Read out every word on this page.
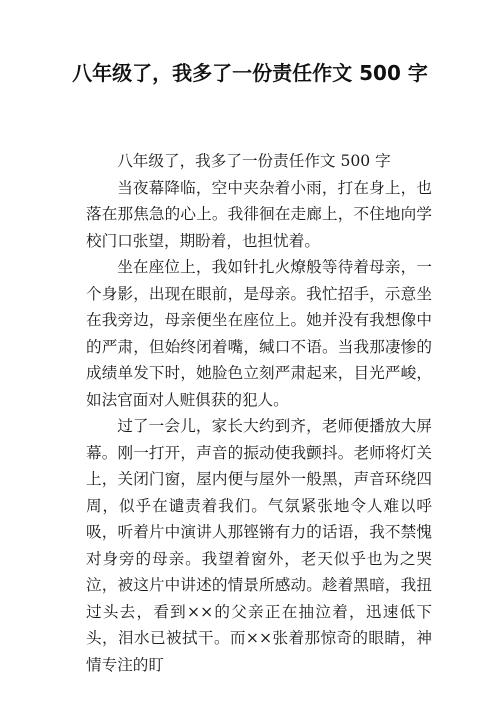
八年级了，我多了一份责任作文 500 字

八年级了，我多了一份责任作文 500 字

当夜幕降临，空中夹杂着小雨，打在身上，也落在那焦急的心上。我徘徊在走廊上，不住地向学校门口张望，期盼着，也担忧着。

坐在座位上，我如针扎火燎般等待着母亲，一个身影，出现在眼前，是母亲。我忙招手，示意坐在我旁边，母亲便坐在座位上。她并没有我想像中的严肃，但始终闭着嘴，缄口不语。当我那凄惨的成绩单发下时，她脸色立刻严肃起来，目光严峻，如法官面对人赃俱获的犯人。

过了一会儿，家长大约到齐，老师便播放大屏幕。刚一打开，声音的振动使我颤抖。老师将灯关上，关闭门窗，屋内便与屋外一般黑，声音环绕四周，似乎在谴责着我们。气氛紧张地令人难以呼吸，听着片中演讲人那铿锵有力的话语，我不禁愧对身旁的母亲。我望着窗外，老天似乎也为之哭泣，被这片中讲述的情景所感动。趁着黑暗，我扭过头去，看到××的父亲正在抽泣着，迅速低下头，泪水已被拭干。而××张着那惊奇的眼睛，神情专注的盯
